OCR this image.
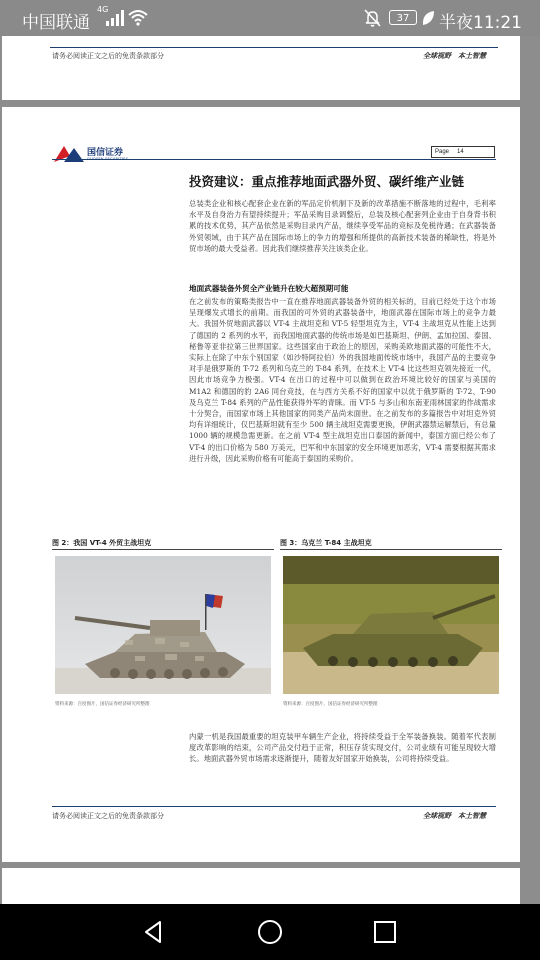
中国联通
4G
37	半夜11:21
请务必阅读正文之后的免责条款部分	全球视野　本土智慧
国信证券
GUOSEN SECURITIES
Page 14
投资建议：重点推荐地面武器外贸、碳纤维产业链
总装类企业和核心配套企业在新的军品定价机制下及新的改革措施不断落地的过程中，毛利率水平及自身治力有望持续提升；军品采购目录调整后，总装及核心配套列企业由于自身背书积累的技术优势，其产品依然是采购目录内产品，继续享受军品的竞标及免税待遇；在武器装备外贸领域，由于其产品在国际市场上的争力的增强和所提供的高新技术装备的稀缺性，将是外贸市场的最大受益者。因此我们继续推荐关注该类企业。
地面武器装备外贸全产业链升在较大超预期可能
在之前发布的策略类报告中一直在推荐地面武器装备外贸的相关标的，目前已经处于这个市场呈现爆发式增长的前期。而我国的可外贸的武器装备中，地面武器在国际市场上的竞争力最大。我国外贸地面武器以 VT-4 主战坦克和 VT-5 轻型坦克为主，VT-4 主战坦克从性能上达到了德国的 2 系列的水平，而我国地面武器的传统市场是如巴基斯坦、伊朗、孟加拉国、泰国、秘鲁等亚非拉第三世界国家。这些国家由于政治上的原因，采购美欧地面武器的可能性不大，实际上在除了中东个别国家（如沙特阿拉伯）外的我国地面传统市场中，我国产品的主要竞争对手是俄罗斯的 T-72 系列和乌克兰的 T-84 系列，在技术上 VT-4 比这些坦克领先接近一代，因此市场竞争力极强。VT-4 在出口的过程中可以做到在政治环境比较好的国家与美国的 M1A2 和德国的豹 2A6 同台竞技，在与西方关系不好的国家中以优于俄罗斯的 T-72、T-90 及乌克兰 T-84 系列的产品性能获得外军的青睐。而 VT-5 与多山和东南亚雨林国家的作战需求十分契合，而国家市场上其他国家的同类产品尚未面世。在之前发布的多篇报告中对坦克外贸均有详细统计，仅巴基斯坦就有至少 500 辆主战坦克需要更换，伊朗武器禁运解禁后，有总量 1000 辆的规模急需更新。在之前 VT-4 型主战坦克出口泰国的新闻中，泰国方面已经公布了 VT-4 的出口价格为 580 万美元，巴军和中东国家的安全环境更加恶劣，VT-4 需要根据其需求进行升级，因此采购价格有可能高于泰国的采购价。
图 2：我国 VT-4 外贸主战坦克
资料来源：百度图片，国信证券经济研究所整理
图 3：乌克兰 T-84 主战坦克
资料来源：百度图片，国信证券经济研究所整理
内蒙一机是我国最重要的坦克装甲车辆生产企业，将持续受益于全军装备换装。随着军代表制度改革影响的结束，公司产品交付趋于正常，积压存货实现交付，公司业绩有可能呈现较大增长。地面武器外贸市场需求逐渐提升，随着友好国家开始换装，公司将持续受益。
请务必阅读正文之后的免责条款部分	全球视野　本土智慧
